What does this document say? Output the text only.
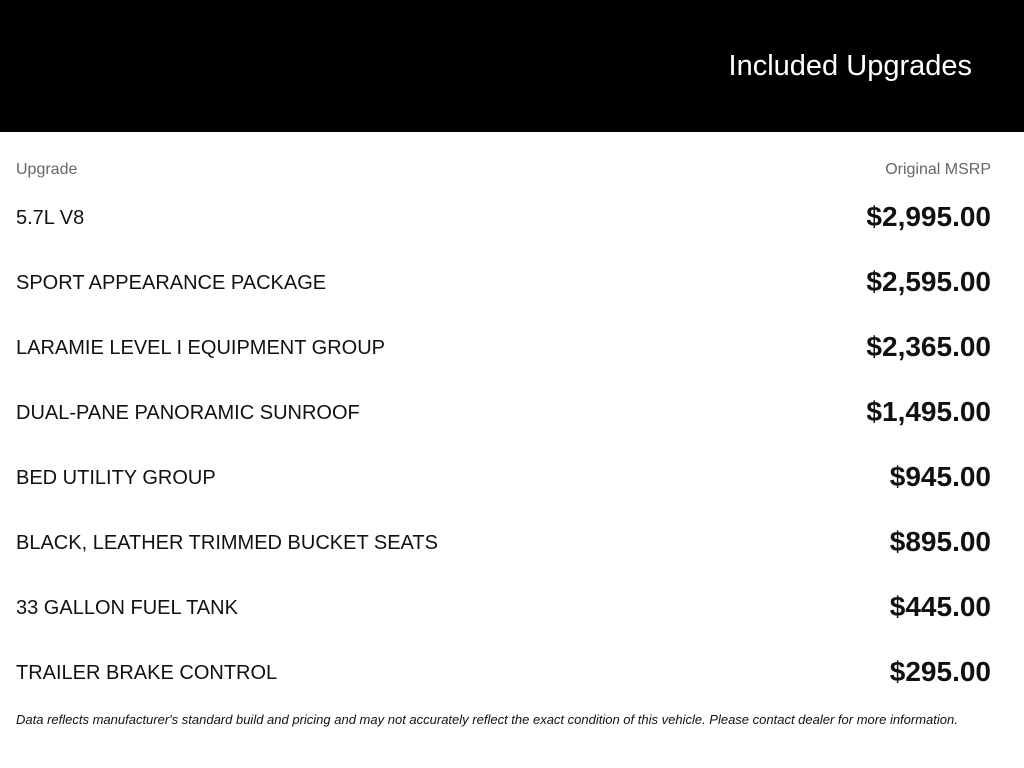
Included Upgrades
Upgrade	Original MSRP
5.7L V8	$2,995.00
SPORT APPEARANCE PACKAGE	$2,595.00
LARAMIE LEVEL I EQUIPMENT GROUP	$2,365.00
DUAL-PANE PANORAMIC SUNROOF	$1,495.00
BED UTILITY GROUP	$945.00
BLACK, LEATHER TRIMMED BUCKET SEATS	$895.00
33 GALLON FUEL TANK	$445.00
TRAILER BRAKE CONTROL	$295.00
Data reflects manufacturer's standard build and pricing and may not accurately reflect the exact condition of this vehicle. Please contact dealer for more information.
